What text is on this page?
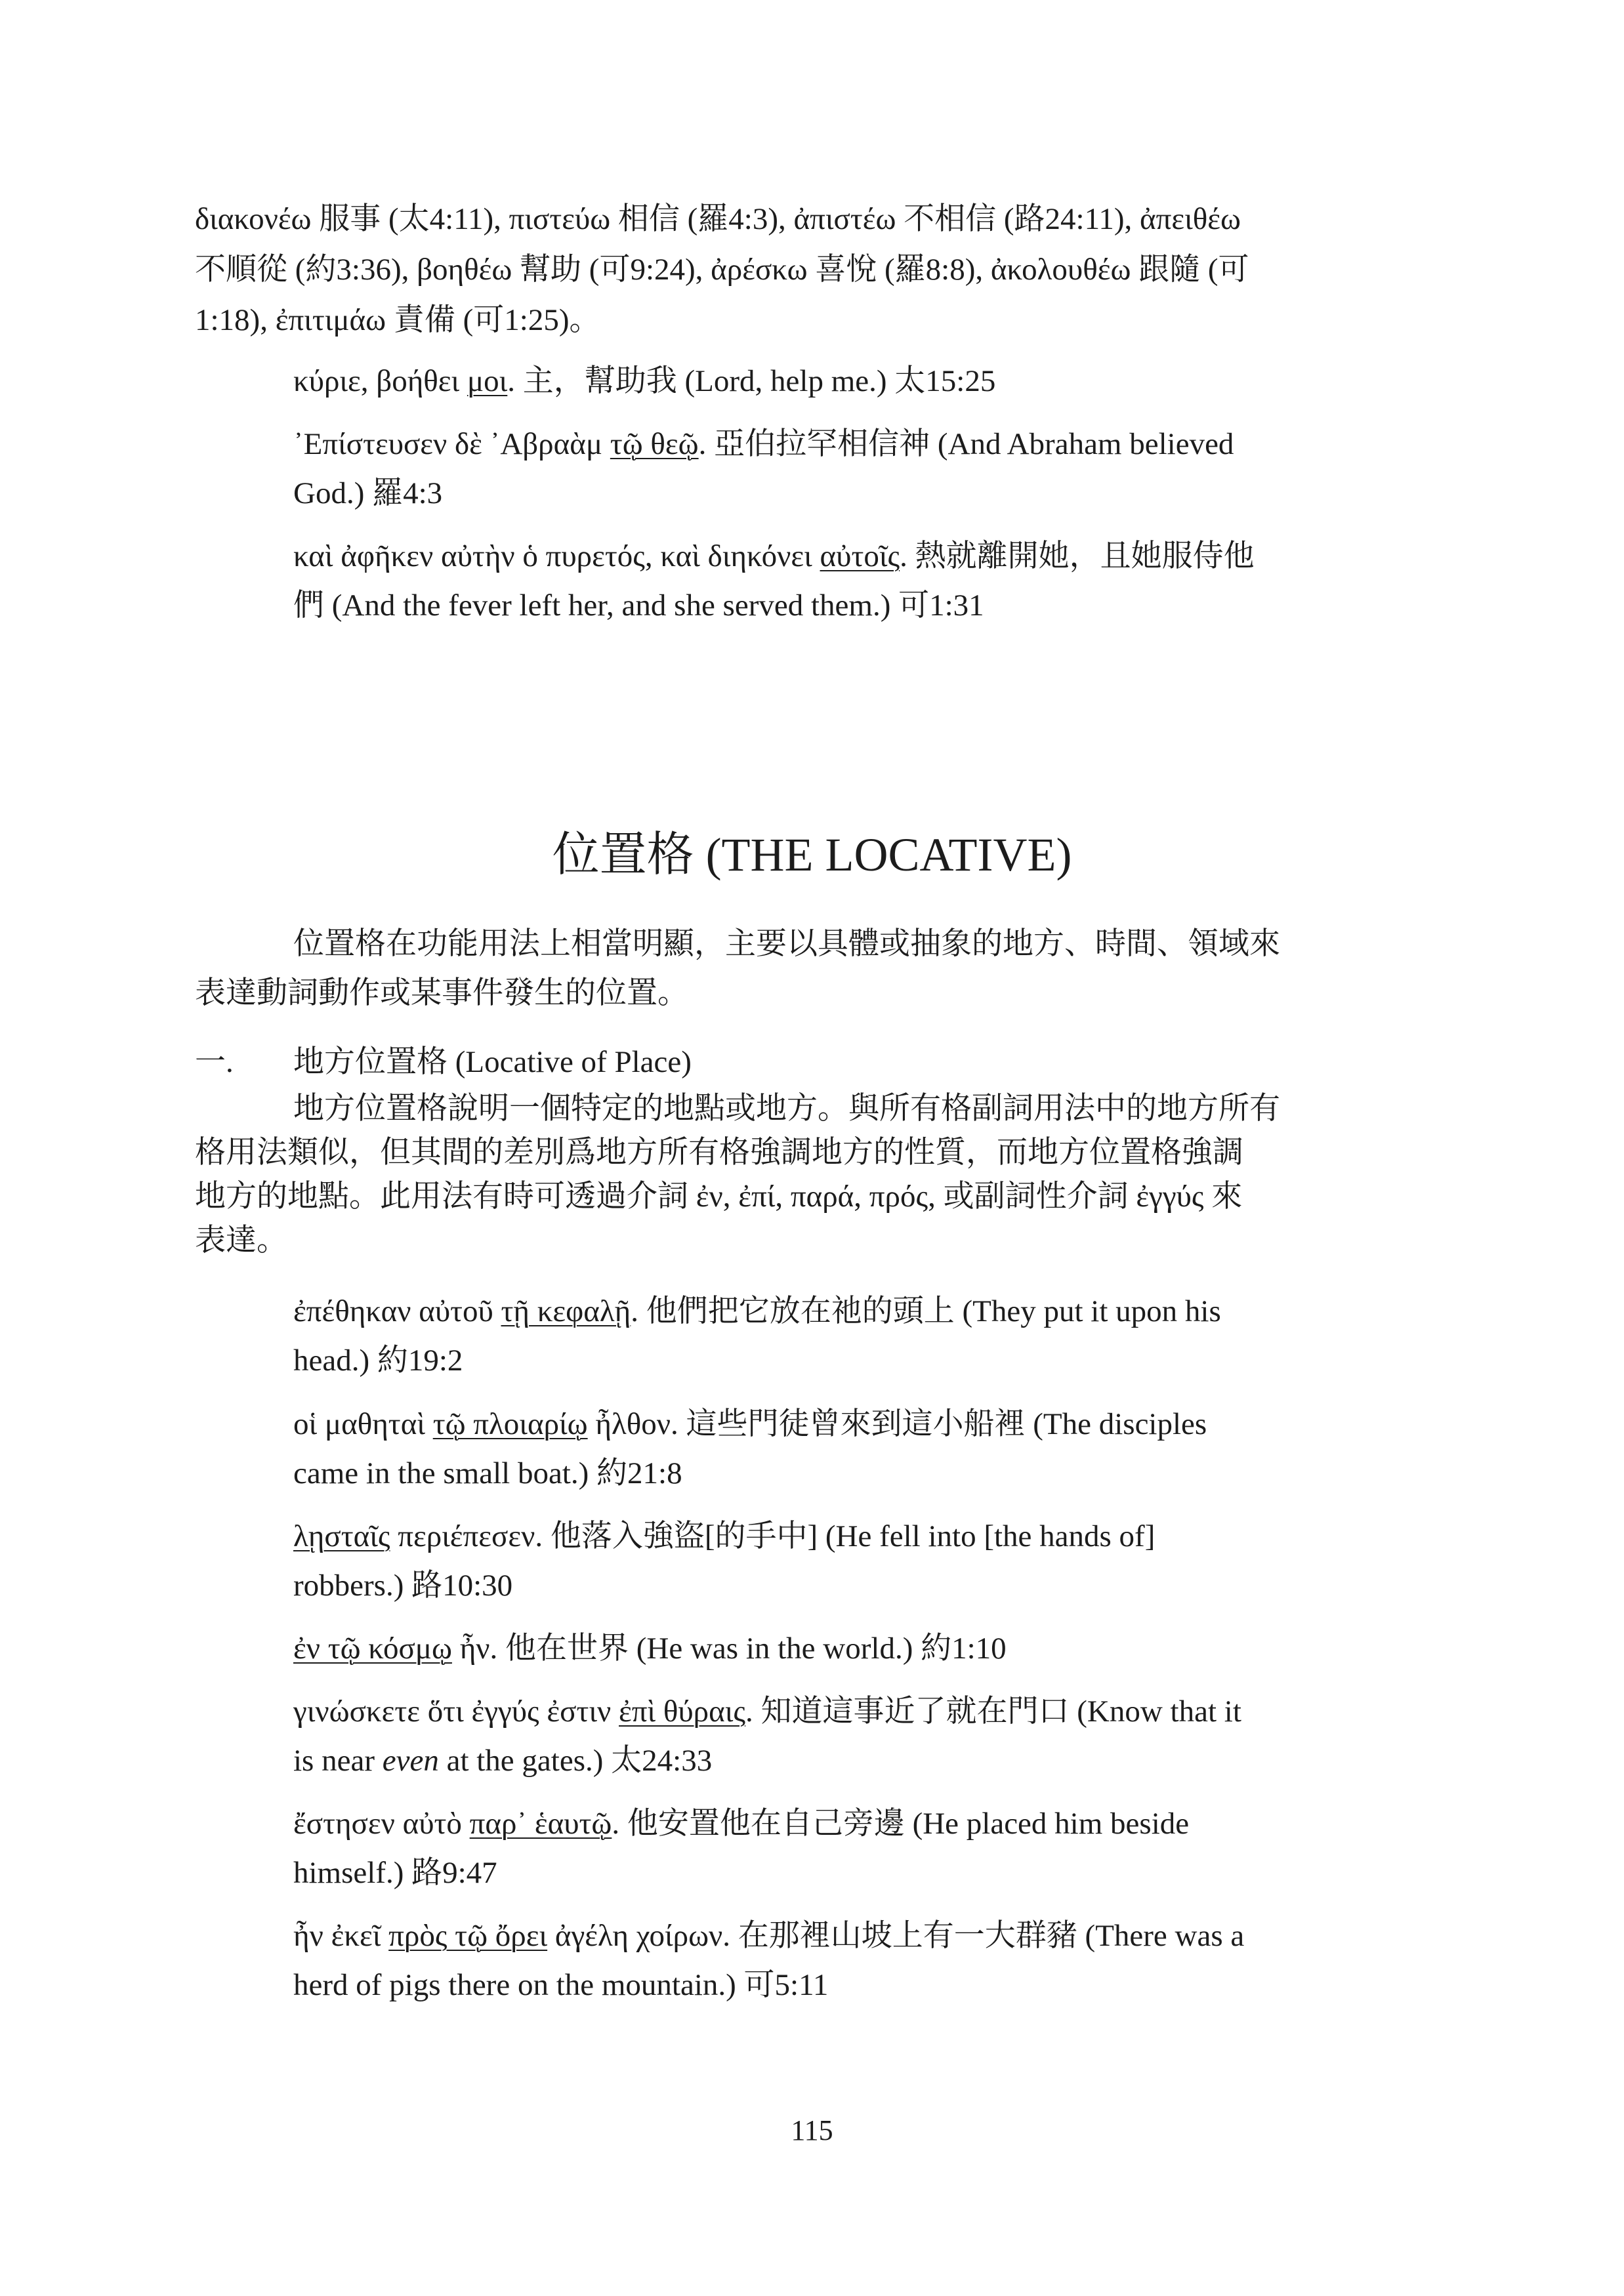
διακονέω 服事 (太4:11), πιστεύω 相信 (羅4:3), ἀπιστέω 不相信 (路24:11), ἀπειθέω
不順從 (約3:36), βοηθέω 幫助 (可9:24), ἀρέσκω 喜悅 (羅8:8), ἀκολουθέω 跟隨 (可
1:18), ἐπιτιμάω 責備 (可1:25)。
κύριε, βοήθει μοι. 主，幫助我 (Lord, help me.) 太15:25
᾿Επίστευσεν δὲ ᾿Αβραὰμ τῷ θεῷ. 亞伯拉罕相信神 (And Abraham believed
God.) 羅4:3
καὶ ἀφῆκεν αὐτὴν ὁ πυρετός, καὶ διηκόνει αὐτοῖς. 熱就離開她，且她服侍他
們 (And the fever left her, and she served them.) 可1:31
位置格 (THE LOCATIVE)
位置格在功能用法上相當明顯，主要以具體或抽象的地方、時間、領域來
表達動詞動作或某事件發生的位置。
一. 地方位置格 (Locative of Place)
地方位置格說明一個特定的地點或地方。與所有格副詞用法中的地方所有
格用法類似，但其間的差別爲地方所有格強調地方的性質，而地方位置格強調
地方的地點。此用法有時可透過介詞 ἐν, ἐπί, παρά, πρός, 或副詞性介詞 ἐγγύς 來
表達。
ἐπέθηκαν αὐτοῦ τῇ κεφαλῇ. 他們把它放在祂的頭上 (They put it upon his
head.) 約19:2
οἱ μαθηταὶ τῷ πλοιαρίῳ ἦλθον. 這些門徒曾來到這小船裡 (The disciples
came in the small boat.) 約21:8
λῃσταῖς περιέπεσεν. 他落入強盜[的手中] (He fell into [the hands of]
robbers.) 路10:30
ἐν τῷ κόσμῳ ἦν. 他在世界 (He was in the world.) 約1:10
γινώσκετε ὅτι ἐγγύς ἐστιν ἐπὶ θύραις. 知道這事近了就在門口 (Know that it
is near even at the gates.) 太24:33
ἔστησεν αὐτὸ παρ᾿ ἑαυτῷ. 他安置他在自己旁邊 (He placed him beside
himself.) 路9:47
ἦν ἐκεῖ πρὸς τῷ ὄρει ἀγέλη χοίρων. 在那裡山坡上有一大群豬 (There was a
herd of pigs there on the mountain.) 可5:11
115
